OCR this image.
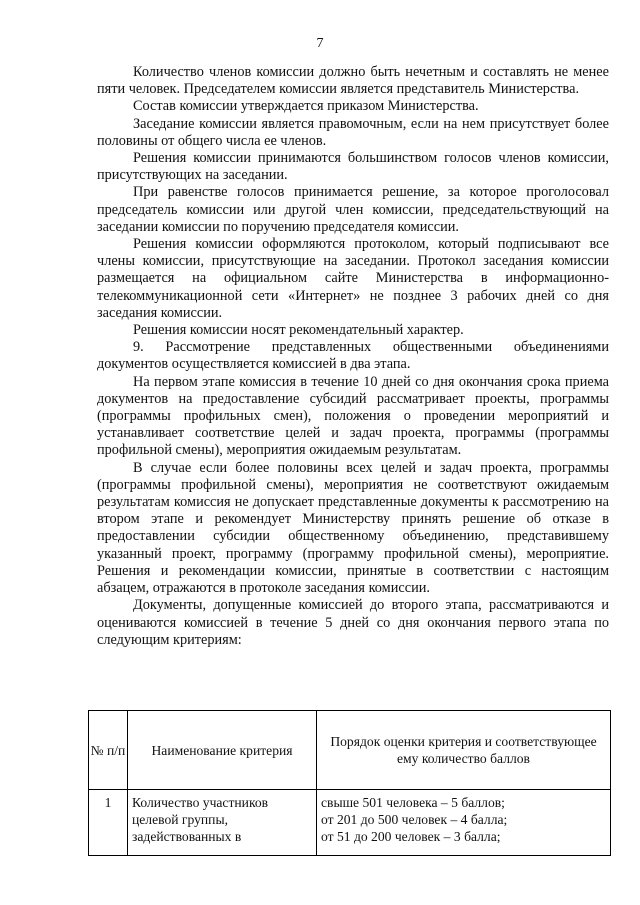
7

Количество членов комиссии должно быть нечетным и составлять не менее пяти человек. Председателем комиссии является представитель Министерства.

Состав комиссии утверждается приказом Министерства.

Заседание комиссии является правомочным, если на нем присутствует более половины от общего числа ее членов.

Решения комиссии принимаются большинством голосов членов комиссии, присутствующих на заседании.

При равенстве голосов принимается решение, за которое проголосовал председатель комиссии или другой член комиссии, председательствующий на заседании комиссии по поручению председателя комиссии.

Решения комиссии оформляются протоколом, который подписывают все члены комиссии, присутствующие на заседании. Протокол заседания комиссии размещается на официальном сайте Министерства в информационно-телекоммуникационной сети «Интернет» не позднее 3 рабочих дней со дня заседания комиссии.

Решения комиссии носят рекомендательный характер.

9. Рассмотрение представленных общественными объединениями документов осуществляется комиссией в два этапа.

На первом этапе комиссия в течение 10 дней со дня окончания срока приема документов на предоставление субсидий рассматривает проекты, программы (программы профильных смен), положения о проведении мероприятий и устанавливает соответствие целей и задач проекта, программы (программы профильной смены), мероприятия ожидаемым результатам.

В случае если более половины всех целей и задач проекта, программы (программы профильной смены), мероприятия не соответствуют ожидаемым результатам комиссия не допускает представленные документы к рассмотрению на втором этапе и рекомендует Министерству принять решение об отказе в предоставлении субсидии общественному объединению, представившему указанный проект, программу (программу профильной смены), мероприятие. Решения и рекомендации комиссии, принятые в соответствии с настоящим абзацем, отражаются в протоколе заседания комиссии.

Документы, допущенные комиссией до второго этапа, рассматриваются и оцениваются комиссией в течение 5 дней со дня окончания первого этапа по следующим критериям:

№ п/п	Наименование критерия	Порядок оценки критерия и соответствующее ему количество баллов
1	Количество участников целевой группы, задействованных в	свыше 501 человека – 5 баллов;
от 201 до 500 человек – 4 балла;
от 51 до 200 человек – 3 балла;
